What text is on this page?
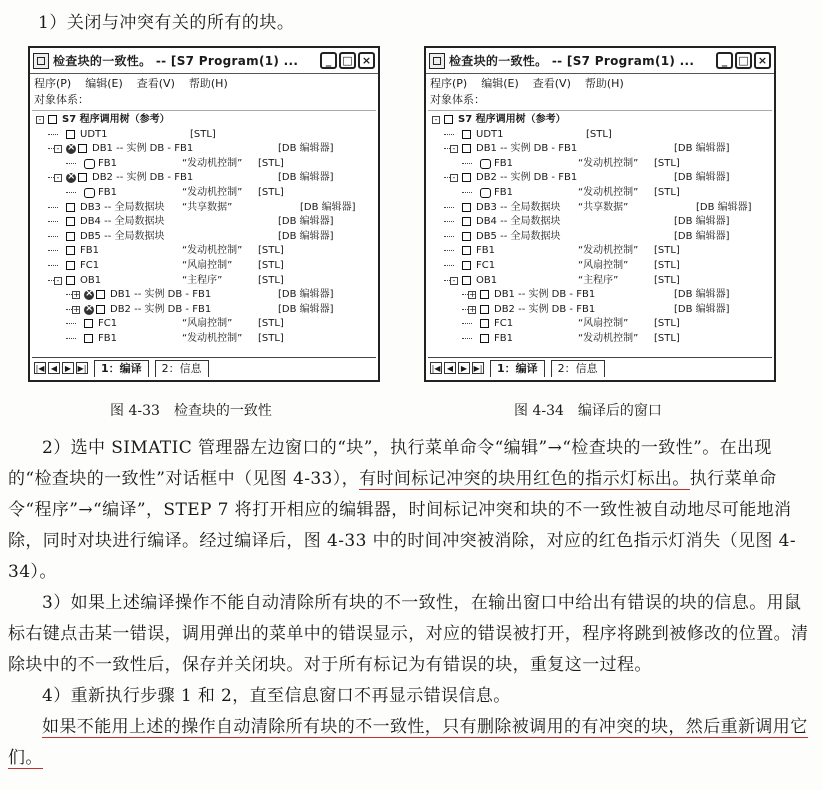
1）关闭与冲突有关的所有的块。
检查块的一致性。 -- [S7 Program(1) ...	_	□ ×
程序(P) 编辑(E) 查看(V) 帮助(H)
对象体系：
- S7 程序调用树（参考）
UDT1	[STL]
- ×	DB1 -- 实例 DB - FB1	[DB 编辑器]
FB1	“发动机控制” [STL]
- ×	DB2 -- 实例 DB - FB1	[DB 编辑器]
FB1	“发动机控制” [STL]
DB3 -- 全局数据块 “共享数据”	[DB 编辑器]
DB4 -- 全局数据块	[DB 编辑器]
DB5 -- 全局数据块	[DB 编辑器]
FB1	“发动机控制” [STL]
FC1	“风扇控制”	[STL]
- OB1	“主程序”	[STL]
+ ×	DB1 -- 实例 DB - FB1	[DB 编辑器]
+ ×	DB2 -- 实例 DB - FB1	[DB 编辑器]
FC1	“风扇控制”	[STL]
FB1	“发动机控制” [STL]
|◀ ◀ ▶ ▶|	1：编译	2：信息
检查块的一致性。 -- [S7 Program(1) ...	_	□ ×
程序(P) 编辑(E) 查看(V) 帮助(H)
对象体系：
- S7 程序调用树（参考）
UDT1	[STL]
- DB1 -- 实例 DB - FB1	[DB 编辑器]
FB1	“发动机控制” [STL]
- DB2 -- 实例 DB - FB1	[DB 编辑器]
FB1	“发动机控制” [STL]
DB3 -- 全局数据块 “共享数据”	[DB 编辑器]
DB4 -- 全局数据块	[DB 编辑器]
DB5 -- 全局数据块	[DB 编辑器]
FB1	“发动机控制” [STL]
FC1	“风扇控制”	[STL]
- OB1	“主程序”	[STL]
+ DB1 -- 实例 DB - FB1	[DB 编辑器]
+ DB2 -- 实例 DB - FB1	[DB 编辑器]
FC1	“风扇控制”	[STL]
FB1	“发动机控制” [STL]
|◀ ◀ ▶ ▶|	1：编译	2：信息
图 4-33　检查块的一致性	图 4-34　编译后的窗口

2）选中 SIMATIC 管理器左边窗口的“块”，执行菜单命令“编辑”→“检查块的一致性”。在出现的“检查块的一致性”对话框中（见图 4-33），有时间标记冲突的块用红色的指示灯标出。执行菜单命令“程序”→“编译”，STEP 7 将打开相应的编辑器，时间标记冲突和块的不一致性被自动地尽可能地消除，同时对块进行编译。经过编译后，图 4-33 中的时间冲突被消除，对应的红色指示灯消失（见图 4-34）。

3）如果上述编译操作不能自动清除所有块的不一致性，在输出窗口中给出有错误的块的信息。用鼠标右键点击某一错误，调用弹出的菜单中的错误显示，对应的错误被打开，程序将跳到被修改的位置。清除块中的不一致性后，保存并关闭块。对于所有标记为有错误的块，重复这一过程。

4）重新执行步骤 1 和 2，直至信息窗口不再显示错误信息。

如果不能用上述的操作自动清除所有块的不一致性，只有删除被调用的有冲突的块，然后重新调用它们。
